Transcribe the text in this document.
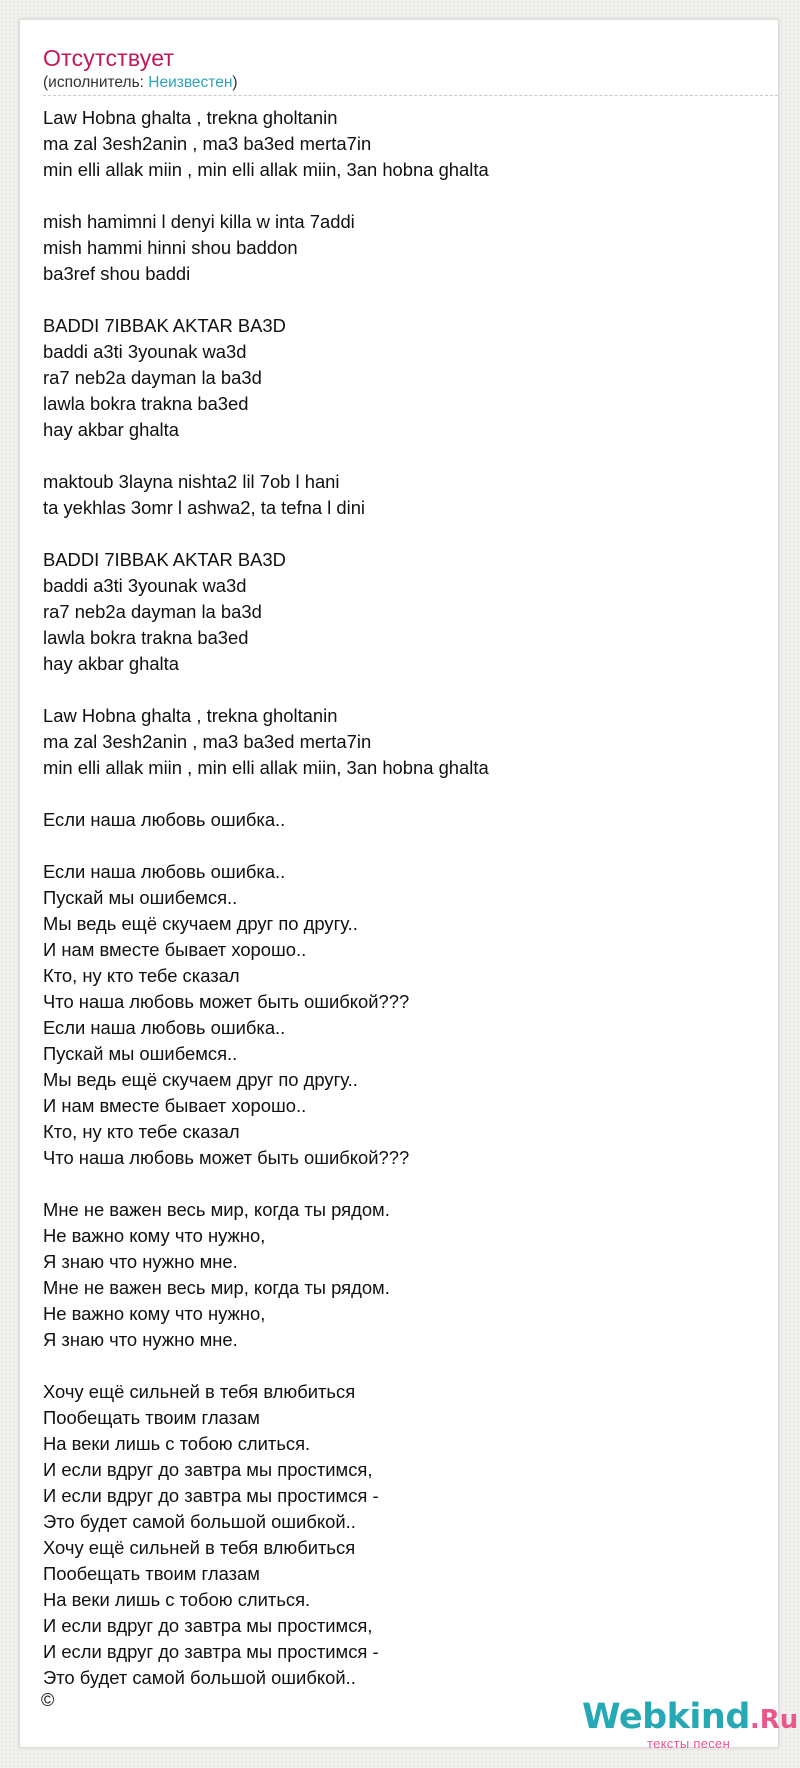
Отсутствует
(исполнитель: Неизвестен)
Law Hobna ghalta , trekna gholtanin
ma zal 3esh2anin , ma3 ba3ed merta7in
min elli allak miin , min elli allak miin, 3an hobna ghalta
mish hamimni l denyi killa w inta 7addi
mish hammi hinni shou baddon
ba3ref shou baddi
BADDI 7IBBAK AKTAR BA3D
baddi a3ti 3younak wa3d
ra7 neb2a dayman la ba3d
lawla bokra trakna ba3ed
hay akbar ghalta
maktoub 3layna nishta2 lil 7ob l hani
ta yekhlas 3omr l ashwa2, ta tefna l dini
BADDI 7IBBAK AKTAR BA3D
baddi a3ti 3younak wa3d
ra7 neb2a dayman la ba3d
lawla bokra trakna ba3ed
hay akbar ghalta
Law Hobna ghalta , trekna gholtanin
ma zal 3esh2anin , ma3 ba3ed merta7in
min elli allak miin , min elli allak miin, 3an hobna ghalta
Если наша любовь ошибка..
Если наша любовь ошибка..
Пускай мы ошибемся..
Мы ведь ещё скучаем друг по другу..
И нам вместе бывает хорошо..
Кто, ну кто тебе сказал
Что наша любовь может быть ошибкой???
Если наша любовь ошибка..
Пускай мы ошибемся..
Мы ведь ещё скучаем друг по другу..
И нам вместе бывает хорошо..
Кто, ну кто тебе сказал
Что наша любовь может быть ошибкой???
Мне не важен весь мир, когда ты рядом.
Не важно кому что нужно,
Я знаю что нужно мне.
Мне не важен весь мир, когда ты рядом.
Не важно кому что нужно,
Я знаю что нужно мне.
Хочу ещё сильней в тебя влюбиться
Пообещать твоим глазам
На веки лишь с тобою слиться.
И если вдруг до завтра мы простимся,
И если вдруг до завтра мы простимся -
Это будет самой большой ошибкой..
Хочу ещё сильней в тебя влюбиться
Пообещать твоим глазам
На веки лишь с тобою слиться.
И если вдруг до завтра мы простимся,
И если вдруг до завтра мы простимся -
Это будет самой большой ошибкой..
©	Webkind.Ru
тексты песен
